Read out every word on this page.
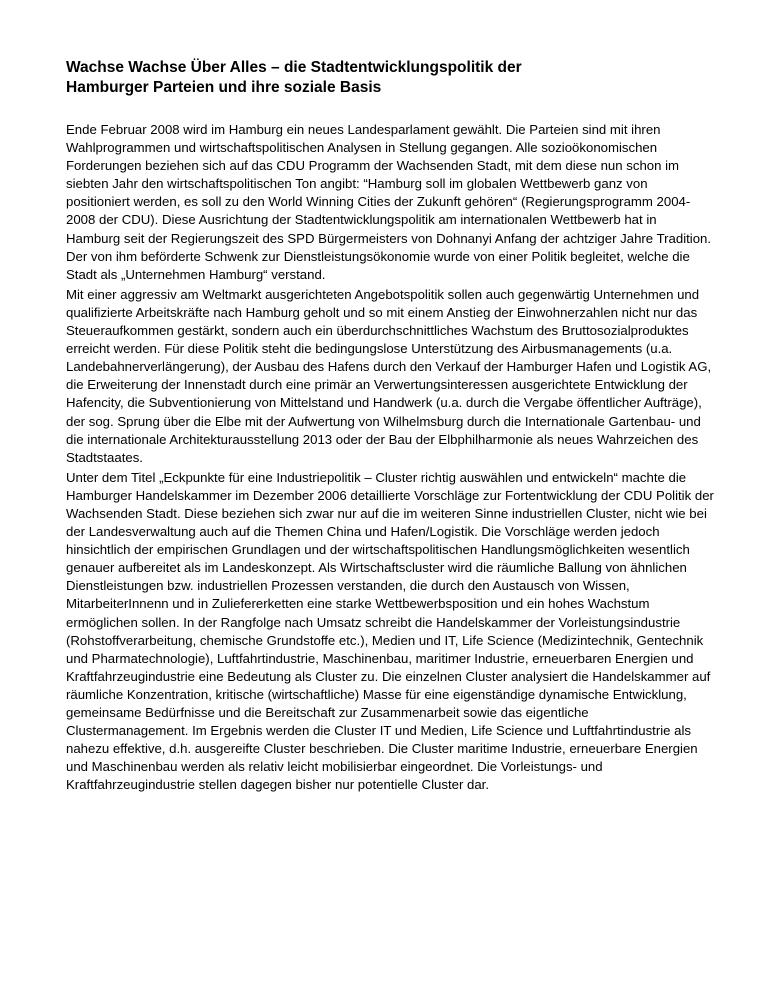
Wachse Wachse Über Alles – die Stadtentwicklungspolitik der
Hamburger Parteien und ihre soziale Basis

Ende Februar 2008 wird im Hamburg ein neues Landesparlament gewählt. Die Parteien sind mit ihren Wahlprogrammen und wirtschaftspolitischen Analysen in Stellung gegangen. Alle sozioökonomischen Forderungen beziehen sich auf das CDU Programm der Wachsenden Stadt, mit dem diese nun schon im siebten Jahr den wirtschaftspolitischen Ton angibt: “Hamburg soll im globalen Wettbewerb ganz von positioniert werden, es soll zu den World Winning Cities der Zukunft gehören“ (Regierungsprogramm 2004-2008 der CDU). Diese Ausrichtung der Stadtentwicklungspolitik am internationalen Wettbewerb hat in Hamburg seit der Regierungszeit des SPD Bürgermeisters von Dohnanyi Anfang der achtziger Jahre Tradition. Der von ihm beförderte Schwenk zur Dienstleistungsökonomie wurde von einer Politik begleitet, welche die Stadt als „Unternehmen Hamburg“ verstand.

Mit einer aggressiv am Weltmarkt ausgerichteten Angebotspolitik sollen auch gegenwärtig Unternehmen und qualifizierte Arbeitskräfte nach Hamburg geholt und so mit einem Anstieg der Einwohnerzahlen nicht nur das Steueraufkommen gestärkt, sondern auch ein überdurchschnittliches Wachstum des Bruttosozialproduktes erreicht werden. Für diese Politik steht die bedingungslose Unterstützung des Airbusmanagements (u.a. Landebahnerverlängerung), der Ausbau des Hafens durch den Verkauf der Hamburger Hafen und Logistik AG, die Erweiterung der Innenstadt durch eine primär an Verwertungsinteressen ausgerichtete Entwicklung der Hafencity, die Subventionierung von Mittelstand und Handwerk (u.a. durch die Vergabe öffentlicher Aufträge), der sog. Sprung über die Elbe mit der Aufwertung von Wilhelmsburg durch die Internationale Gartenbau- und die internationale Architekturausstellung 2013 oder der Bau der Elbphilharmonie als neues Wahrzeichen des Stadtstaates.

Unter dem Titel „Eckpunkte für eine Industriepolitik – Cluster richtig auswählen und entwickeln“ machte die Hamburger Handelskammer im Dezember 2006 detaillierte Vorschläge zur Fortentwicklung der CDU Politik der Wachsenden Stadt. Diese beziehen sich zwar nur auf die im weiteren Sinne industriellen Cluster, nicht wie bei der Landesverwaltung auch auf die Themen China und Hafen/Logistik. Die Vorschläge werden jedoch hinsichtlich der empirischen Grundlagen und der wirtschaftspolitischen Handlungsmöglichkeiten wesentlich genauer aufbereitet als im Landeskonzept. Als Wirtschaftscluster wird die räumliche Ballung von ähnlichen Dienstleistungen bzw. industriellen Prozessen verstanden, die durch den Austausch von Wissen, MitarbeiterInnenn und in Zuliefererketten eine starke Wettbewerbsposition und ein hohes Wachstum ermöglichen sollen. In der Rangfolge nach Umsatz schreibt die Handelskammer der Vorleistungsindustrie (Rohstoffverarbeitung, chemische Grundstoffe etc.), Medien und IT, Life Science (Medizintechnik, Gentechnik und Pharmatechnologie), Luftfahrtindustrie, Maschinenbau, maritimer Industrie, erneuerbaren Energien und Kraftfahrzeugindustrie eine Bedeutung als Cluster zu. Die einzelnen Cluster analysiert die Handelskammer auf räumliche Konzentration, kritische (wirtschaftliche) Masse für eine eigenständige dynamische Entwicklung, gemeinsame Bedürfnisse und die Bereitschaft zur Zusammenarbeit sowie das eigentliche Clustermanagement. Im Ergebnis werden die Cluster IT und Medien, Life Science und Luftfahrtindustrie als nahezu effektive, d.h. ausgereifte Cluster beschrieben. Die Cluster maritime Industrie, erneuerbare Energien und Maschinenbau werden als relativ leicht mobilisierbar eingeordnet. Die Vorleistungs- und Kraftfahrzeugindustrie stellen dagegen bisher nur potentielle Cluster dar.
